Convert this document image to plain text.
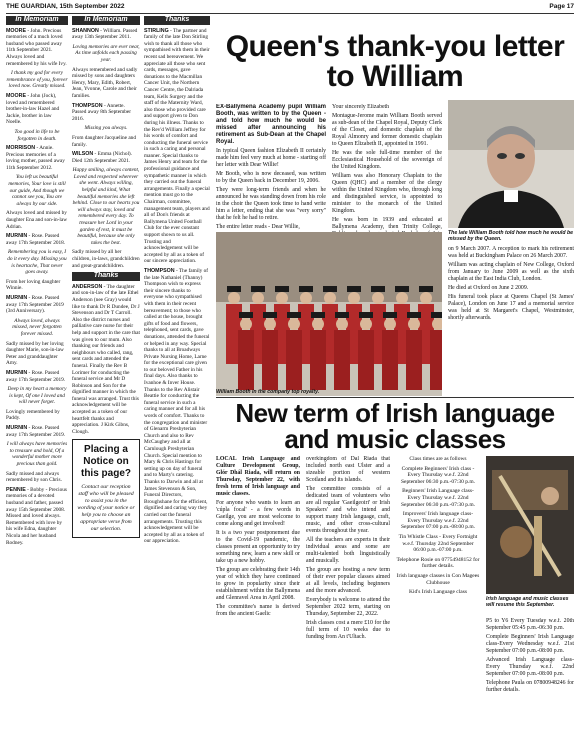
THE GUARDIAN, 15th September 2022	Page 17
In Memoriam

MOORE - John. Precious memories of a much loved husband who passed away 11th September 2021. Always loved and remembered by his wife Ivy.

I thank my god for every remembrance of you, forever loved now. Greatly missed.

MOORE - John (Jock), loved and remembered brother-in-law Hazel and Jackie, brother in law Noelle.

Too good in life to be forgotten in death.

MORRISON - Annie. Precious memories of a loving mother, passed away 11th September 2012.

You left us beautiful memories, Your love is still our guide, And though we cannot see you, You are always by our side.

Always loved and missed by daughter Ena and son-in-law Adrian.

MURNIN - Rose. Passed away 17th September 2018.

Remembering you is easy, I do it every day. Missing you is heartache, That never goes away.

From her loving daughter Winnie.

MURNIN - Rose. Passed away 17th September 2019 (3rd Anniversary).

Always loved, always missed, never forgotten forever missed.

Sadly missed by her loving daughter Marie, son-in-law Peter and granddaughter Amy.

MURNIN - Rose. Passed away 17th September 2019.

Deep in my heart a memory is kept, Of one I loved and will never forget.

Lovingly remembered by Paddy.

MURNIN - Rose. Passed away 17th September 2019.

I will always have memories to treasure and hold, Of a wonderful mother more precious than gold.

Sadly missed and always remembered by son Chris.

PENNIE - Bobby - Precious memories of a devoted husband and father, passed away 15th September 2008. Missed and loved always. Remembered with love by his wife Edna, daughter Nicola and her husband Rodney.

In Memoriam

SHANNON - William. Passed away 13th September 2011.

Loving memories are ever near, As time unfolds each passing year.

Always remembered and sadly missed by sons and daughters Henry, Mary, Edith, Robert, Jean, Yvonne, Carole and their families.

THOMPSON - Annette. Passed away 8th September 2016.

Missing you always.

From daughter Jacqueline and family.

WILSON - Emma (Nichol). Died 12th September 2021.

Happy smiling, always content, Loved and respected wherever she went. Always willing, helpful and kind, What beautiful memories she left behind. Close to our hearts you will always stay, loved and remembered every day. To treasure her Lord in your garden of rest, it must be beautiful, because she only takes the best.

Sadly missed by all her children, in-laws, grandchildren and great-grandchildren.

Thanks

ANDERSON - The daughter and son-in-law of the late Ethel Anderson (nee Gray) would like to thank Dr R Dundee, Dr J Stevenson and Dr T Carroll. Also the district nurses and palliative care nurse for their help and support in the care that was given to our mum. Also thanking our friends and neighbours who called, rang, sent cards and attended the funeral. Finally the Rev B Lorimer for conducting the funeral service and Mr D Robinson and Son for the dignified manner in which the funeral was arranged. Trust this acknowledgement will be accepted as a token of our heartfelt thanks and appreciation. J Kirk Gibns, Clough.

Placing a Notice on this page?
Contact our reception staff who will be pleased to assist you in the wording of your notice or help you to choose an appropriate verse from our selection.
Thanks

STIRLING - The partner and family of the late Don Stirling wish to thank all those who sympathised with them in their recent sad bereavement. We appreciate all those who sent cards, messages, gave donations to the Macmillan Cancer Unit, the Northern Cancer Centre, the Dalriada team, Kells Surgery and the staff of the Maternity Ward, also those who provided care and support given to Don during his illness. Thanks to the Rev'd William Jeffrey for his words of comfort and conducting the funeral service in such a caring and personal manner. Special thanks to James Henry and team for the professional guidance and sympathetic manner in which they carried out the funeral arrangements. Finally a special mention must go to the Chairman, committee, management team, players and all of Don's friends at Ballymena United Football Club for the ever constant support shown to us all. Trusting and acknowledgement will be accepted by all as a token of our sincere appreciation.

THOMPSON - The family of the late Nathaniel (Thanny) Thompson wish to express their sincere thanks to everyone who sympathised with them in their recent bereavement; to those who called at the house, brought gifts of food and flowers, telephoned, sent cards, gave donations, attended the funeral or helped in any way. Special thanks to all at Broadways Private Nursing Home, Larne for the exceptional care given to our beloved Father in his final days. Also thanks to Ivanhoe & Inver House. Thanks to the Rev Alistair Beattie for conducting the funeral service in such a caring manner and for all his words of comfort. Thanks to the congregation and minister of Glenarm Presbyterian Church and also to Rev McCaughey and all at Carnlough Presbyterian Church. Special mention to Mary & Chris Hastings for setting up on day of funeral and to Marty's catering. Thanks to Darwin and all at James Stevenson & Son, Funeral Directors, Broughshane for the efficient, dignified and caring way they carried out the funeral arrangements. Trusting this acknowledgement will be accepted by all as a token of our appreciation.

Queen's thank-you letter to William

EX-Ballymena Academy pupil William Booth, was written to by the Queen - and told how much he would be missed after announcing his retirement as Sub-Dean at the Chapel Royal.

In typical Queen fashion Elizabeth II certainly made him feel very much at home - starting off her letter with Dear Willie!

Mr Booth, who is now deceased, was written to by the Queen back in December 19, 2006.

They were long-term friends and when he announced he was standing down from his role in the choir the Queen took time to hand write him a letter, ending that she was "very sorry" that he felt he had to retire.

The entire letter reads - Dear Willie,

Your sincerely Elizabeth

Montague-Jerome main William Booth served as sub-dean of the Chapel Royal, Deputy Clerk of the Closet, and domestic chaplain of the Royal Almonry and former domestic chaplain to Queen Elizabeth II, appointed in 1991.

He was the sole full-time member of the Ecclesiastical Household of the sovereign of the United Kingdom.

William was also Honorary Chaplain to the Queen (QHC) and a member of the clergy within the United Kingdom who, through long and distinguished service, is appointed to minister to the monarch of the United Kingdom.

He was born in 1939 and educated at Ballymena Academy, then Trinity College,

The late William Booth told how much he would be missed by the Queen.

on 9 March 2007. A reception to mark his retirement was held at Buckingham Palace on 26 March 2007.

William was acting chaplain of New College, Oxford from January to June 2009 as well as the sixth chaplain at the East India Club, London.

He died at Oxford on June 2 2009.

His funeral took place at Queens Chapel (St James' Palace), London on June 17 and a memorial service was held at St Margaret's Chapel, Westminster, shortly afterwards.

William Booth in the company top royalty.
New term of Irish language and music classes

LOCAL Irish Language and Culture Development Group, Glór Dhál Riada, will return on Thursday, September 22, with fresh term of Irish language and music classes.

For anyone who wants to learn an 'cúpla focal' - a few words in Gaeilge, you are most welcome to come along and get involved!

It is a two year postponement due to the Covid-19 pandemic, the classes present an opportunity to try something new, learn a new skill or take up a new hobby.

The group are celebrating their 14th year of which they have continued to grow in popularity since their establishment within the Ballymena and Glenravel Area in April 2008.

The committee's name is derived from the ancient Gaelic

overkingdom of Dal Riada that included north east Ulster and a sizeable portion of western Scotland and its islands.

The committee consists of a dedicated team of volunteers who are all regular 'Gaeilgeoiri' or Irish Speakers' and who intend and support many Irish language, craft, music, and other cross-cultural events throughout the year.

All the teachers are experts in their individual areas and some are multi-talented both linguistically and musically.

The group are hosting a new term of their ever popular classes aimed at all levels, including beginners and the more advanced.

Everybody is welcome to attend the September 2022 term, starting on Thursday, September 22, 2022.

Irish classes cost a mere £10 for the full term of 10 weeks due to funding from An t'Ultach.

Class times are as follows

Complete Beginners' Irish class - Every Thursday w.e.f. 22nd September 06:30 p.m.-07:30 p.m.

Beginners' Irish Language class-Every Thursday w.e.f. 22nd September 06:30 p.m.-07:30 p.m.

Improvers' Irish language class- Every Thursday w.e.f. 22nd September 07:00 p.m.-08:00 p.m.

Tin Whistle Class - Every Fortnight w.e.f. Thursday 22nd September 06:00 p.m.-07:00 p.m.

Telephone Rosie on 07754948152 for further details.

Irish language classes in Con Magees Clubhouse

Kid's Irish Language class

Irish language and music classes will resume this September.

P5 to Y6 Every Tuesday w.e.f. 20th September 05:45 p.m.-06:30 p.m.

Complete Beginners' Irish Language class-Every Wednesday w.e.f. 21st September 07:00 p.m.-08:00 p.m.

Advanced Irish Language class-Every Thursday w.e.f. 22nd September 07:00 p.m.-08:00 p.m.

Telephone Paula on 07800948246 for further details.
